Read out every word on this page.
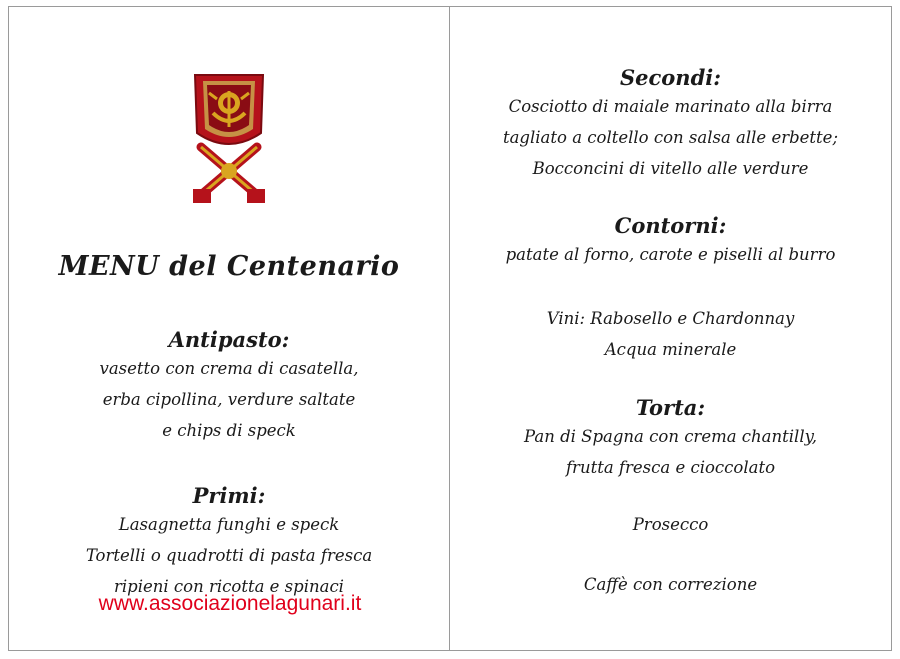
MENU del Centenario
Antipasto:
vasetto con crema di casatella,
erba cipollina, verdure saltate
e chips di speck
Primi:
Lasagnetta funghi e speck
Tortelli o quadrotti di pasta fresca
ripieni con ricotta e spinaci
Secondi:
Cosciotto di maiale marinato alla birra
tagliato a coltello con salsa alle erbette;
Bocconcini di vitello alle verdure
Contorni:
patate al forno, carote e piselli al burro
Vini: Rabosello e Chardonnay
Acqua minerale
Torta:
Pan di Spagna con crema chantilly,
frutta fresca e cioccolato
Prosecco
Caffè con correzione
www.associazionelagunari.it
